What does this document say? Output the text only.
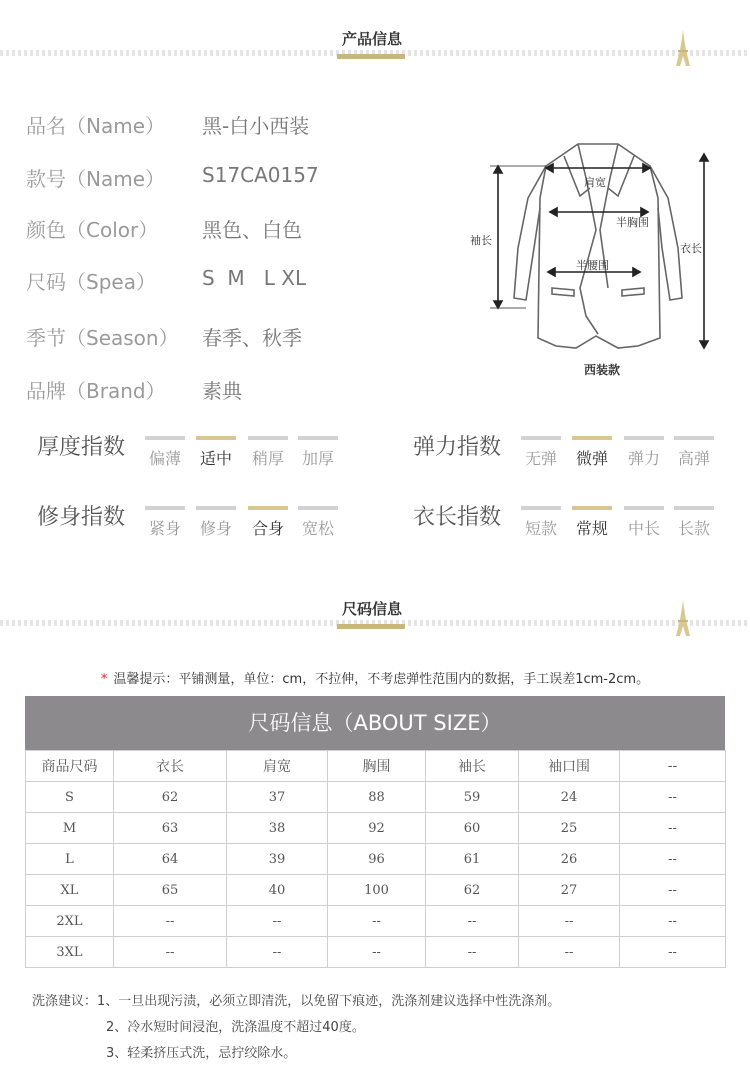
产品信息
品名（Name） 黑-白小西装
款号（Name） S17CA0157
颜色（Color） 黑色、白色
尺码（Spea） S  M   L XL
季节（Season） 春季、秋季
品牌（Brand） 素典
肩宽
半胸围
半腰围
袖长
衣长
西装款
厚度指数 偏薄 适中 稍厚 加厚	弹力指数 无弹 微弹 弹力 高弹
修身指数 紧身 修身 合身 宽松	衣长指数 短款 常规 中长 长款
尺码信息
* 温馨提示：平铺测量，单位：cm，不拉伸，不考虑弹性范围内的数据，手工误差1cm-2cm。
尺码信息（ABOUT SIZE）
商品尺码	衣长	肩宽	胸围	袖长	袖口围	--
S	62	37	88	59	24	--
M	63	38	92	60	25	--
L	64	39	96	61	26	--
XL	65	40	100	62	27	--
2XL	--	--	--	--	--	--
3XL	--	--	--	--	--	--
洗涤建议：1、一旦出现污渍，必须立即清洗，以免留下痕迹，洗涤剂建议选择中性洗涤剂。
2、冷水短时间浸泡，洗涤温度不超过40度。
3、轻柔挤压式洗，忌拧绞除水。
